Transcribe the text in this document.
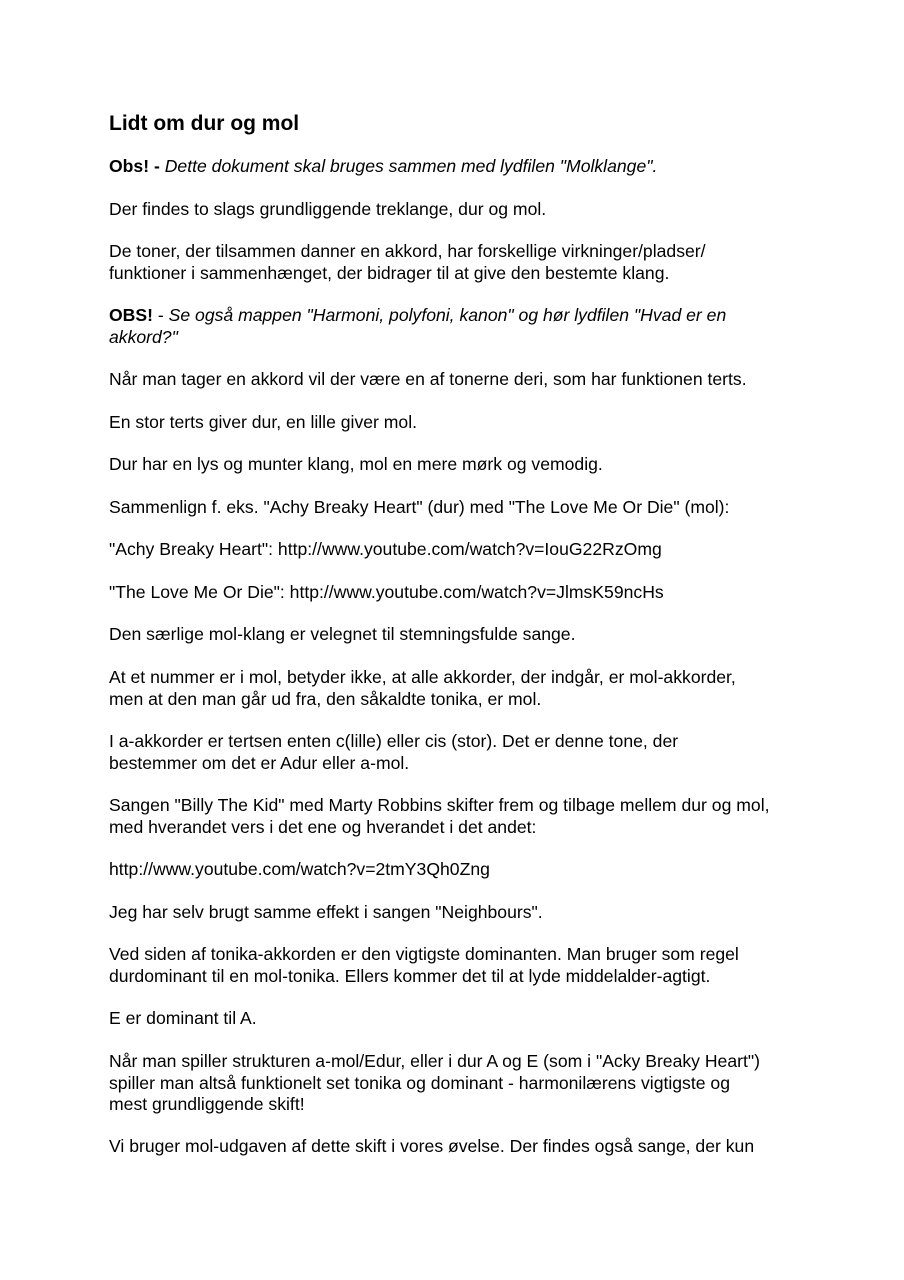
Lidt om dur og mol

Obs! - Dette dokument skal bruges sammen med lydfilen "Molklange".

Der findes to slags grundliggende treklange, dur og mol.

De toner, der tilsammen danner en akkord, har forskellige virkninger/pladser/
funktioner i sammenhænget, der bidrager til at give den bestemte klang.

OBS! - Se også mappen "Harmoni, polyfoni, kanon" og hør lydfilen "Hvad er en
akkord?"

Når man tager en akkord vil der være en af tonerne deri, som har funktionen terts.

En stor terts giver dur, en lille giver mol.

Dur har en lys og munter klang, mol en mere mørk og vemodig.

Sammenlign f. eks. "Achy Breaky Heart" (dur) med "The Love Me Or Die" (mol):

"Achy Breaky Heart": http://www.youtube.com/watch?v=IouG22RzOmg

"The Love Me Or Die": http://www.youtube.com/watch?v=JlmsK59ncHs

Den særlige mol-klang er velegnet til stemningsfulde sange.

At et nummer er i mol, betyder ikke, at alle akkorder, der indgår, er mol-akkorder,
men at den man går ud fra, den såkaldte tonika, er mol.

I a-akkorder er tertsen enten c(lille) eller cis (stor). Det er denne tone, der
bestemmer om det er Adur eller a-mol.

Sangen "Billy The Kid" med Marty Robbins skifter frem og tilbage mellem dur og mol,
med hverandet vers i det ene og hverandet i det andet:

http://www.youtube.com/watch?v=2tmY3Qh0Zng

Jeg har selv brugt samme effekt i sangen "Neighbours".

Ved siden af tonika-akkorden er den vigtigste dominanten. Man bruger som regel
durdominant til en mol-tonika. Ellers kommer det til at lyde middelalder-agtigt.

E er dominant til A.

Når man spiller strukturen a-mol/Edur, eller i dur A og E (som i "Acky Breaky Heart")
spiller man altså funktionelt set tonika og dominant - harmonilærens vigtigste og
mest grundliggende skift!

Vi bruger mol-udgaven af dette skift i vores øvelse. Der findes også sange, der kun
